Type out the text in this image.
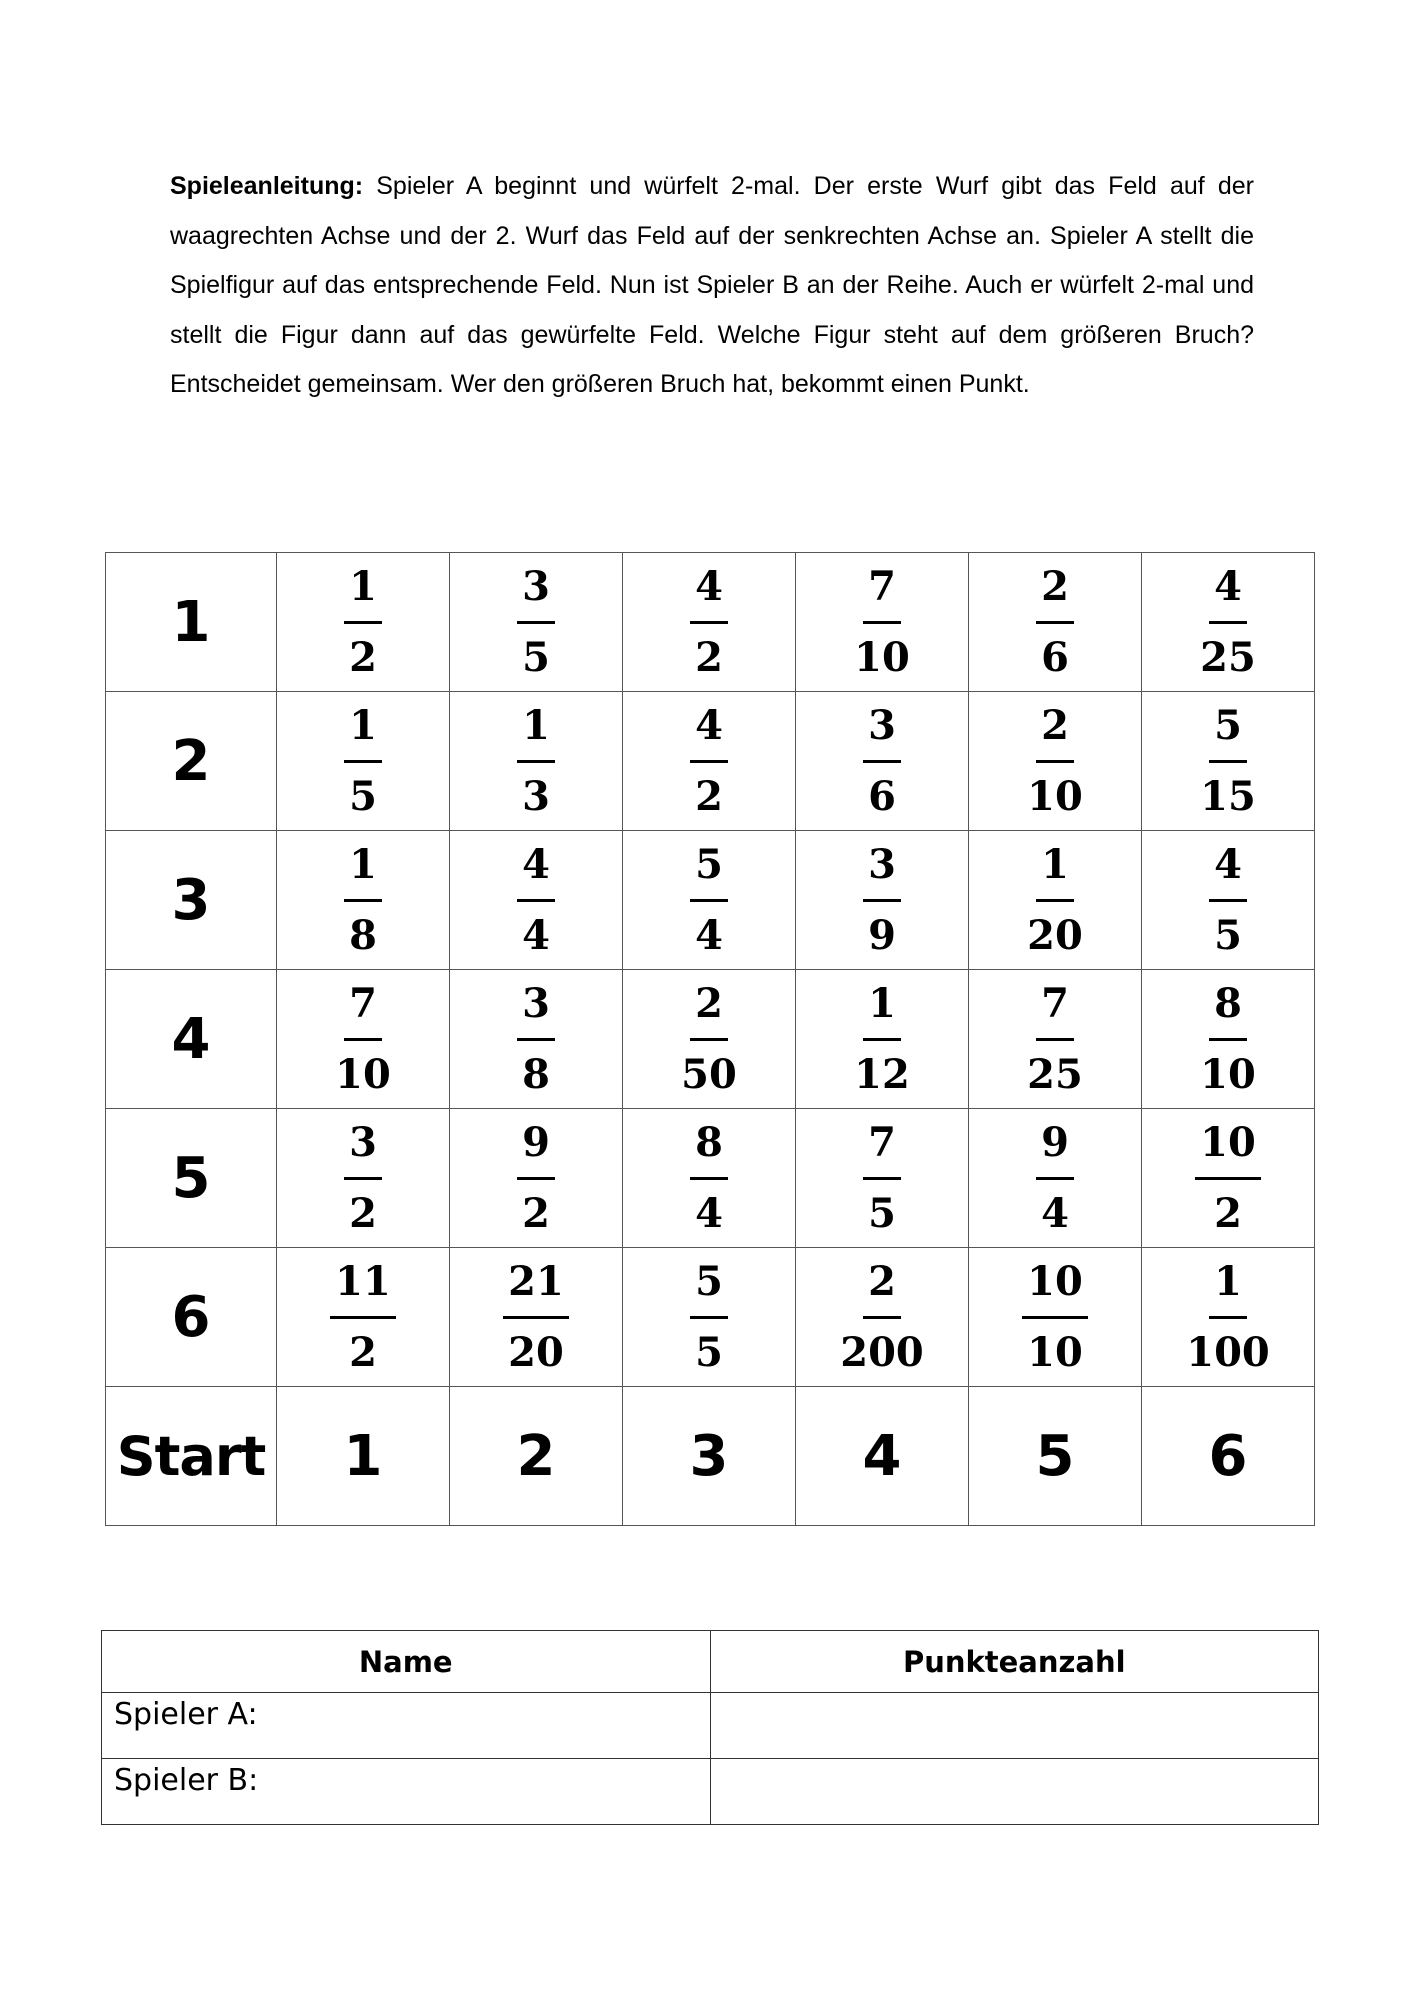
Spieleanleitung: Spieler A beginnt und würfelt 2-mal. Der erste Wurf gibt das Feld auf der waagrechten Achse und der 2. Wurf das Feld auf der senkrechten Achse an. Spieler A stellt die Spielfigur auf das entsprechende Feld. Nun ist Spieler B an der Reihe. Auch er würfelt 2-mal und stellt die Figur dann auf das gewürfelte Feld. Welche Figur steht auf dem größeren Bruch? Entscheidet gemeinsam. Wer den größeren Bruch hat, bekommt einen Punkt.

1	$\frac{1}{2}$	$\frac{3}{5}$	$\frac{4}{2}$	$\frac{7}{10}$	$\frac{2}{6}$	$\frac{4}{25}$

2	$\frac{1}{5}$	$\frac{1}{3}$	$\frac{4}{2}$	$\frac{3}{6}$	$\frac{2}{10}$	$\frac{5}{15}$

3	$\frac{1}{8}$	$\frac{4}{4}$	$\frac{5}{4}$	$\frac{3}{9}$	$\frac{1}{20}$	$\frac{4}{5}$

4	$\frac{7}{10}$	$\frac{3}{8}$	$\frac{2}{50}$	$\frac{1}{12}$	$\frac{7}{25}$	$\frac{8}{10}$

5	$\frac{3}{2}$	$\frac{9}{2}$	$\frac{8}{4}$	$\frac{7}{5}$	$\frac{9}{4}$	$\frac{10}{2}$

6	$\frac{11}{2}$	$\frac{21}{20}$	$\frac{5}{5}$	$\frac{2}{200}$	$\frac{10}{10}$	$\frac{1}{100}$

Start	1	2	3	4	5	6
Name	Punkteanzahl
Spieler A:	
Spieler B:	
